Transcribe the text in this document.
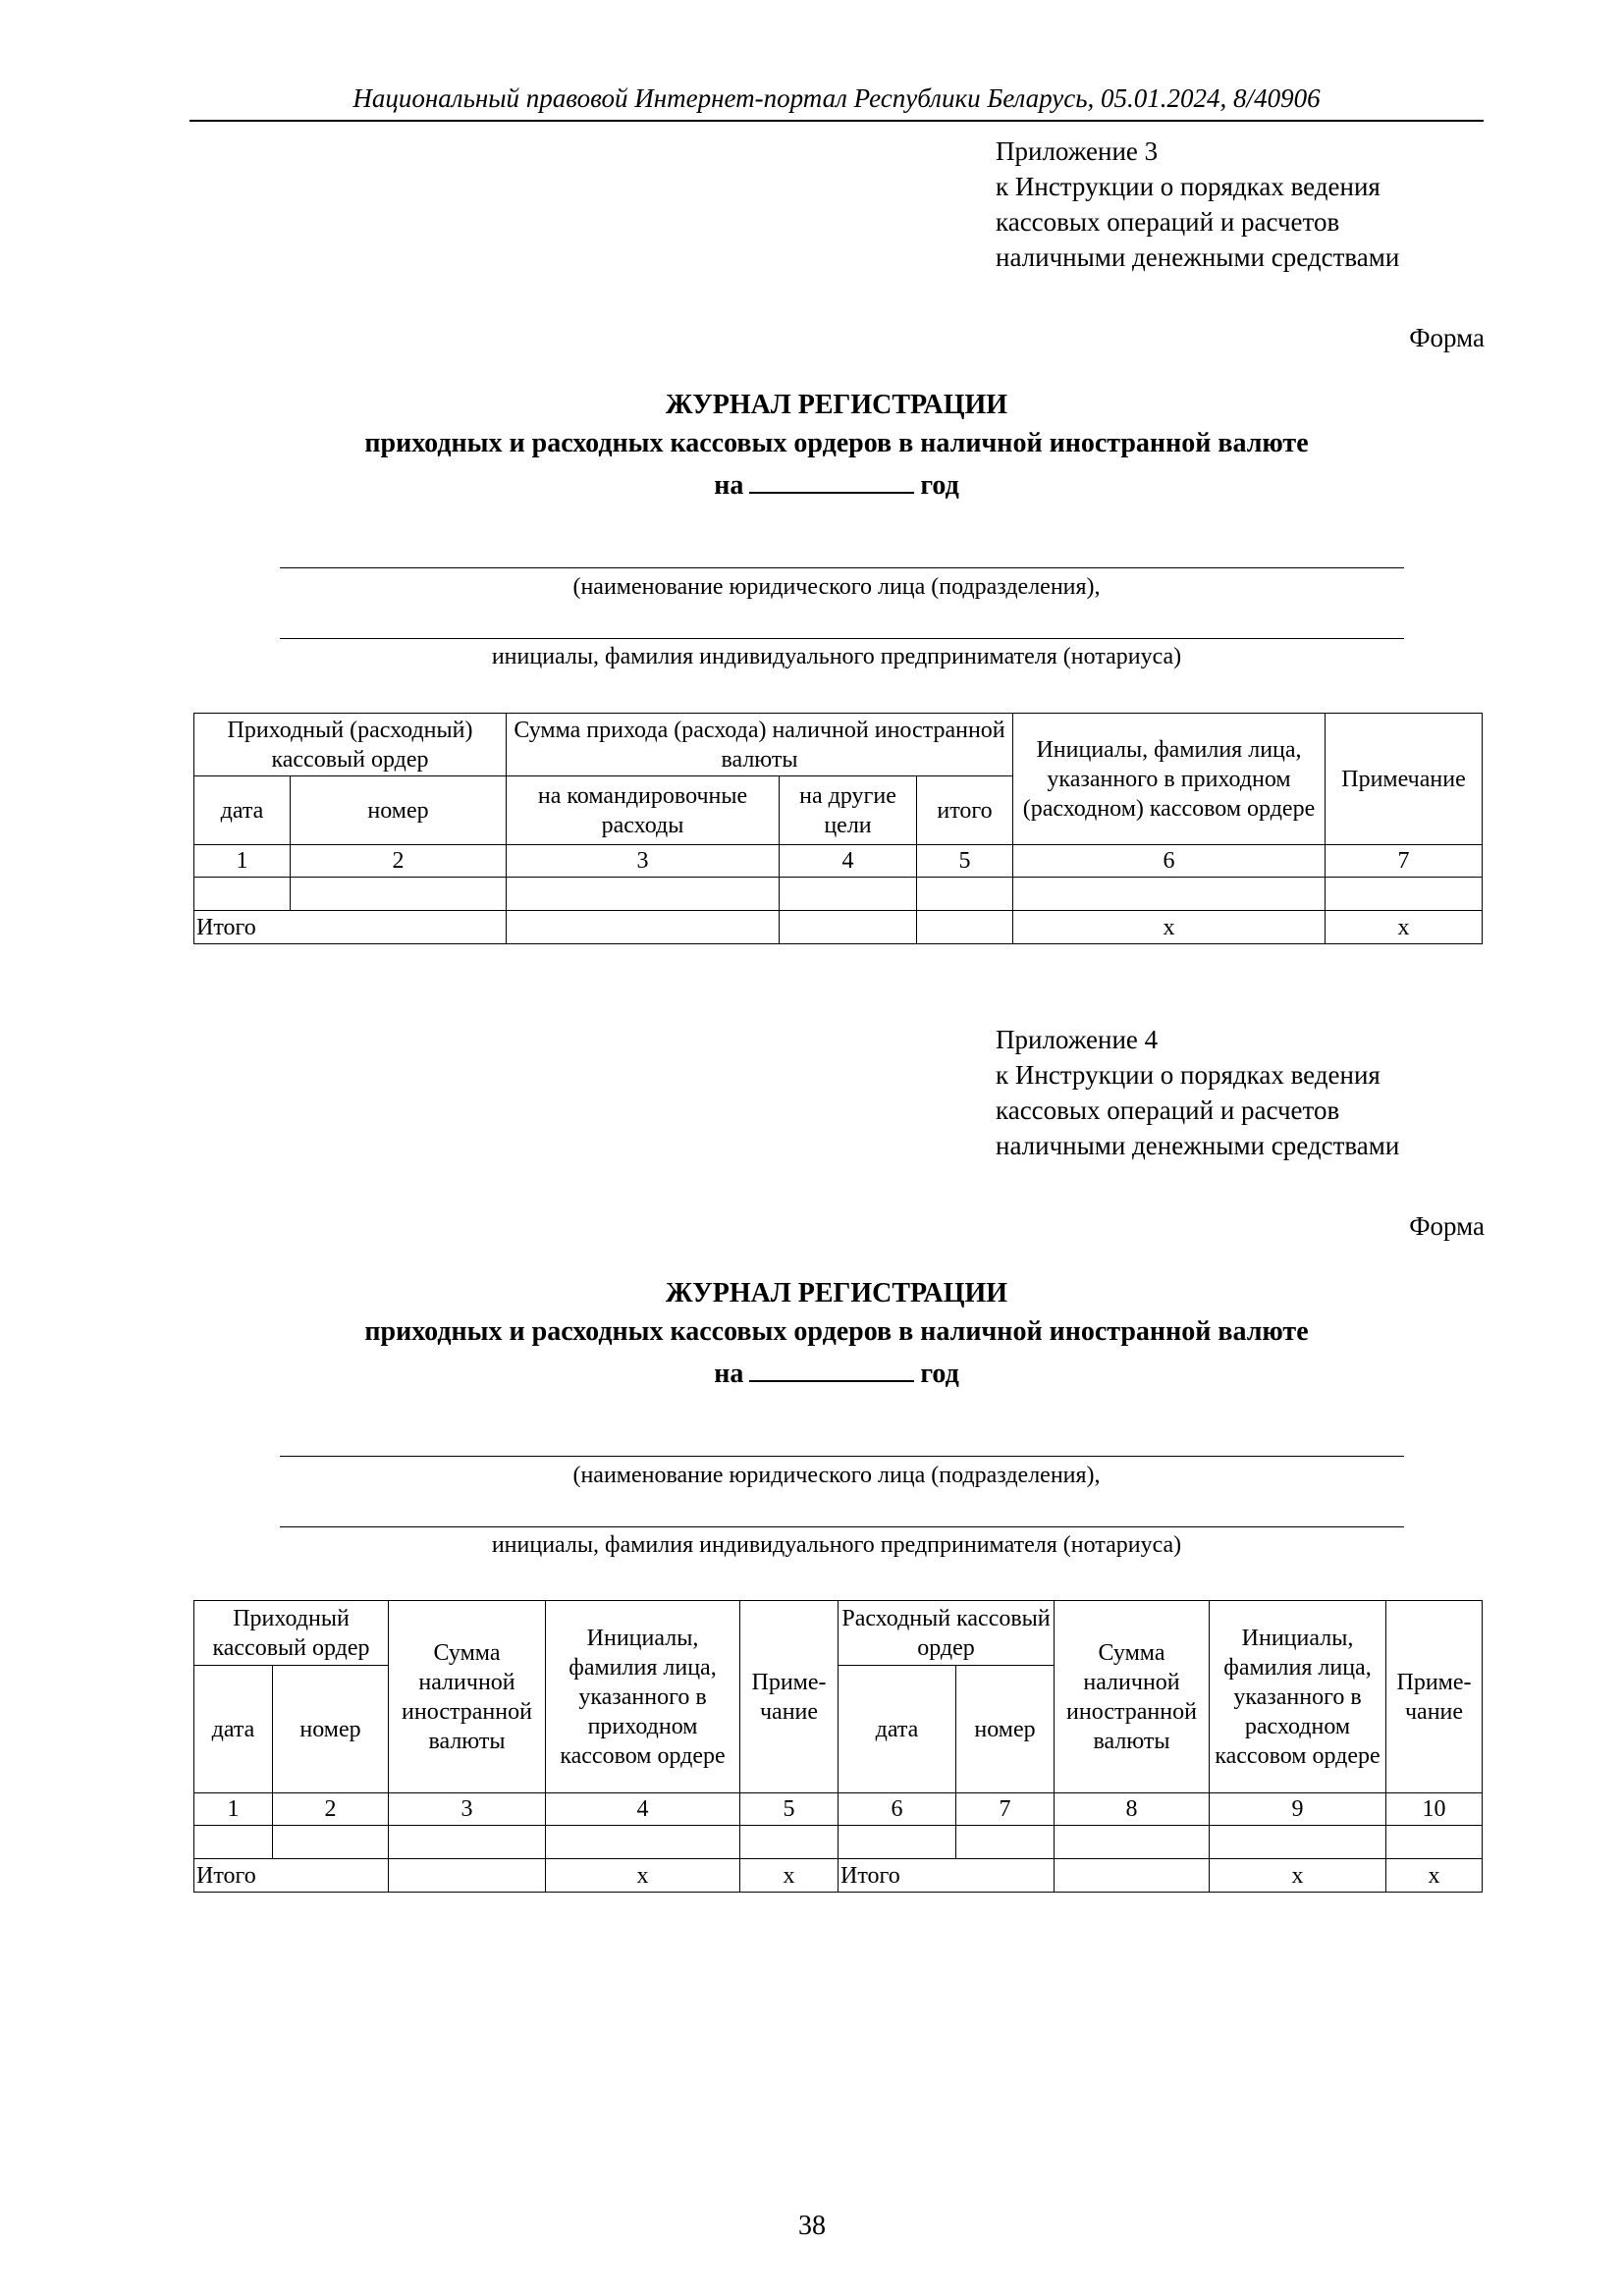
Национальный правовой Интернет-портал Республики Беларусь, 05.01.2024, 8/40906
Приложение 3
к Инструкции о порядках ведения
кассовых операций и расчетов
наличными денежными средствами
Форма
ЖУРНАЛ РЕГИСТРАЦИИ
приходных и расходных кассовых ордеров в наличной иностранной валюте
на	год
(наименование юридического лица (подразделения),
инициалы, фамилия индивидуального предпринимателя (нотариуса)
Приходный (расходный) кассовый ордер		Сумма прихода (расхода) наличной иностранной валюты			Инициалы, фамилия лица, указанного в приходном (расходном) кассовом ордере	Примечание
дата	номер	на командировочные расходы	на другие цели	итого		
1	2	3	4	5	6	7

Итого					x	x
Приложение 4
к Инструкции о порядках ведения
кассовых операций и расчетов
наличными денежными средствами
Форма
ЖУРНАЛ РЕГИСТРАЦИИ
приходных и расходных кассовых ордеров в наличной иностранной валюте
на	год
(наименование юридического лица (подразделения),
инициалы, фамилия индивидуального предпринимателя (нотариуса)
Приходный кассовый ордер		Сумма наличной иностранной валюты	Инициалы, фамилия лица, указанного в приходном кассовом ордере	Приме-чание	Расходный кассовый ордер		Сумма наличной иностранной валюты	Инициалы, фамилия лица, указанного в расходном кассовом ордере	Приме-чание
дата	номер				дата	номер			
1	2	3	4	5	6	7	8	9	10

Итого			x	x	Итого			x	x
38
